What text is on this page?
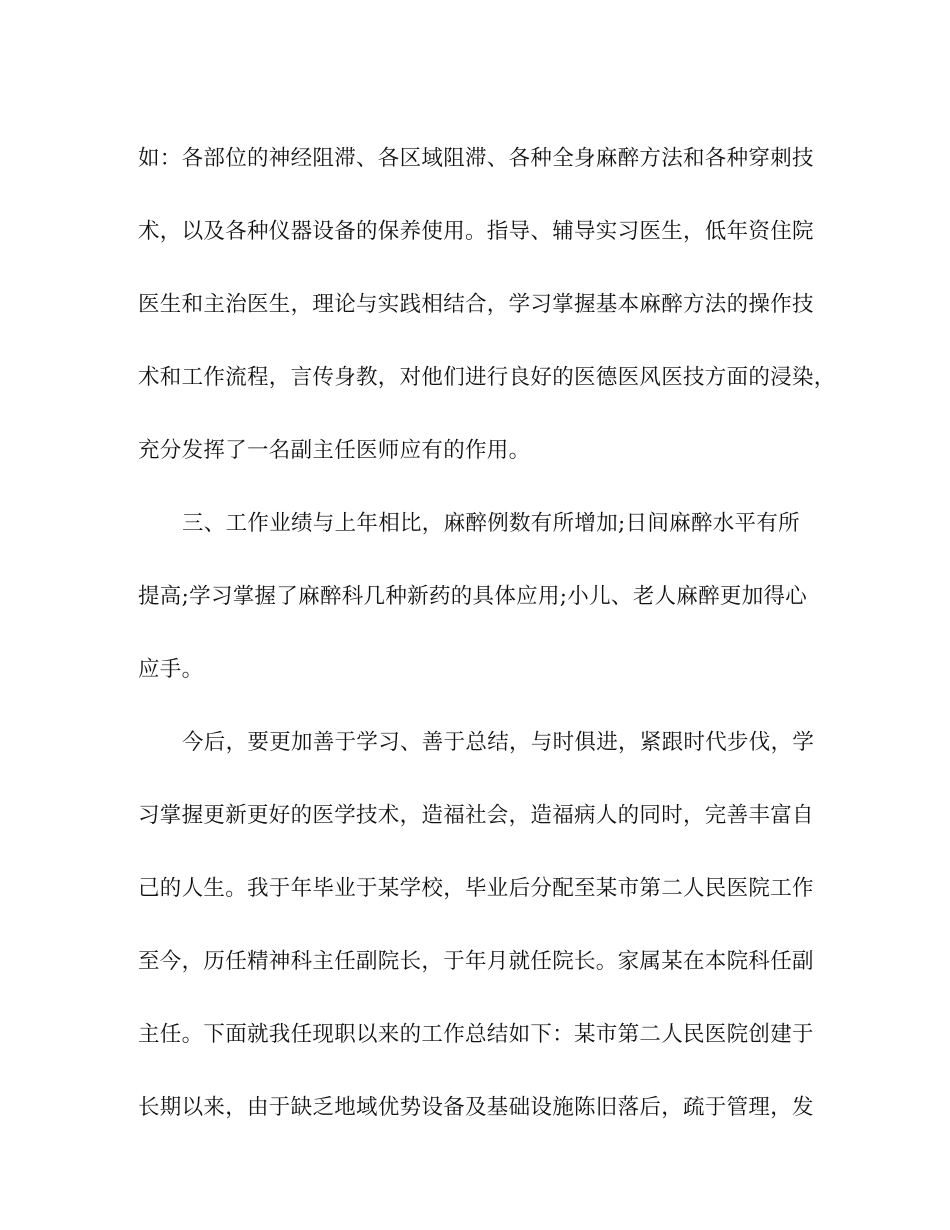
如：各部位的神经阻滞、各区域阻滞、各种全身麻醉方法和各种穿刺技
术，以及各种仪器设备的保养使用。指导、辅导实习医生，低年资住院
医生和主治医生，理论与实践相结合，学习掌握基本麻醉方法的操作技
术和工作流程，言传身教，对他们进行良好的医德医风医技方面的浸染，
充分发挥了一名副主任医师应有的作用。
三、工作业绩与上年相比，麻醉例数有所增加;日间麻醉水平有所
提高;学习掌握了麻醉科几种新药的具体应用;小儿、老人麻醉更加得心
应手。
今后，要更加善于学习、善于总结，与时俱进，紧跟时代步伐，学
习掌握更新更好的医学技术，造福社会，造福病人的同时，完善丰富自
己的人生。我于年毕业于某学校，毕业后分配至某市第二人民医院工作
至今，历任精神科主任副院长，于年月就任院长。家属某在本院科任副
主任。下面就我任现职以来的工作总结如下：某市第二人民医院创建于
长期以来，由于缺乏地域优势设备及基础设施陈旧落后，疏于管理，发
